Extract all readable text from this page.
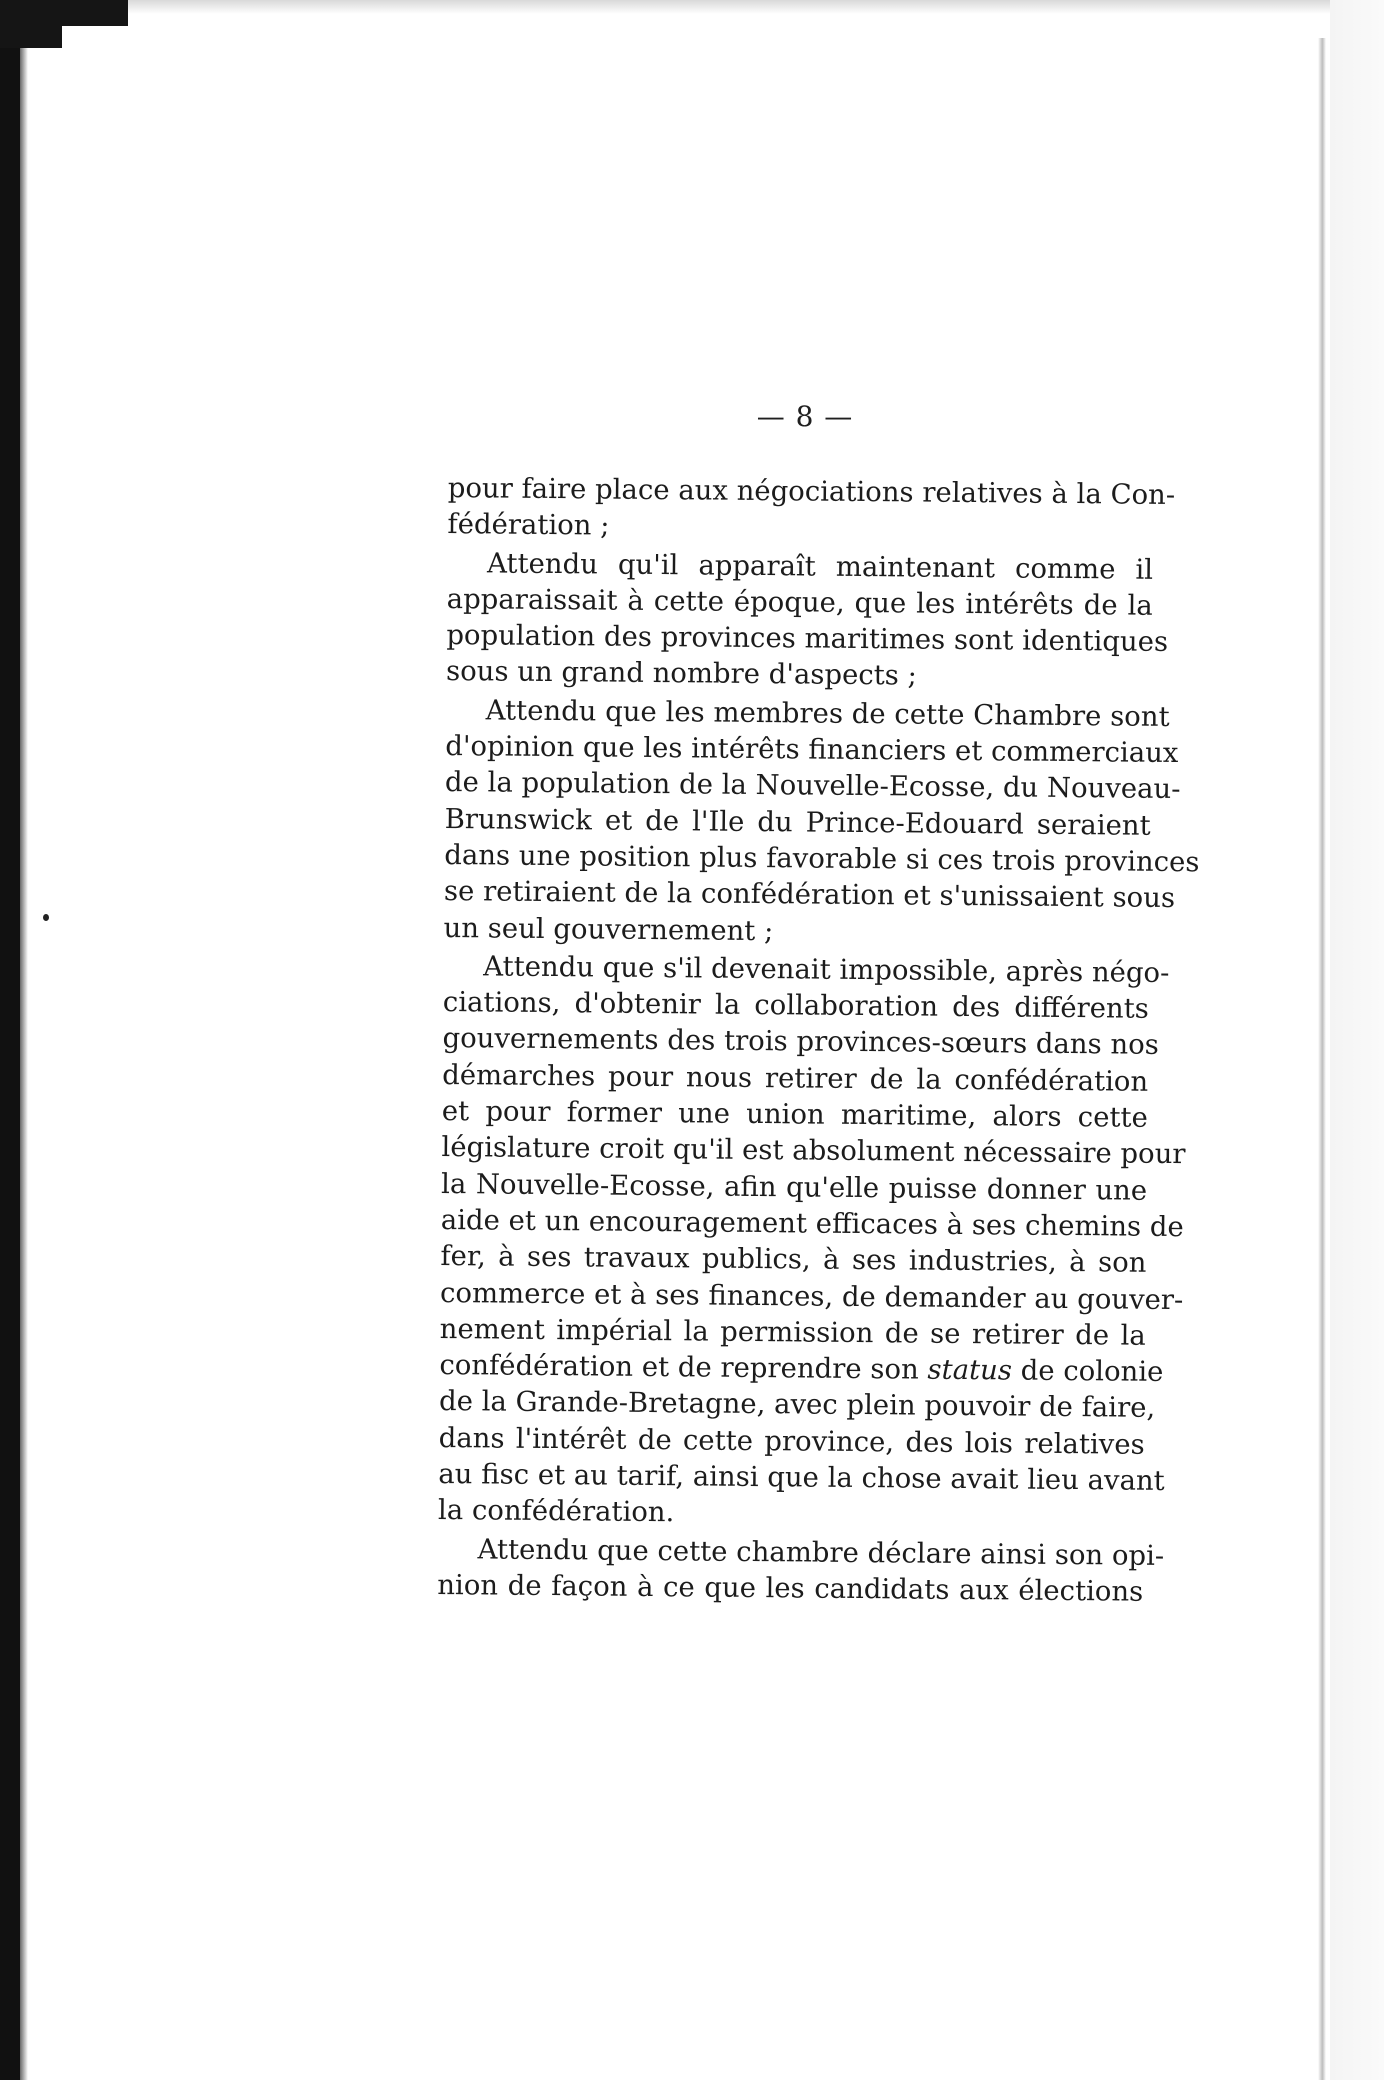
— 8 —
pour faire place aux négociations relatives à la Con-
fédération ;
Attendu qu'il apparaît maintenant comme il
apparaissait à cette époque, que les intérêts de la
population des provinces maritimes sont identiques
sous un grand nombre d'aspects ;
Attendu que les membres de cette Chambre sont
d'opinion que les intérêts financiers et commerciaux
de la population de la Nouvelle-Ecosse, du Nouveau-
Brunswick et de l'Ile du Prince-Edouard seraient
dans une position plus favorable si ces trois provinces
se retiraient de la confédération et s'unissaient sous
un seul gouvernement ;
Attendu que s'il devenait impossible, après négo-
ciations, d'obtenir la collaboration des différents
gouvernements des trois provinces-sœurs dans nos
démarches pour nous retirer de la confédération
et pour former une union maritime, alors cette
législature croit qu'il est absolument nécessaire pour
la Nouvelle-Ecosse, afin qu'elle puisse donner une
aide et un encouragement efficaces à ses chemins de
fer, à ses travaux publics, à ses industries, à son
commerce et à ses finances, de demander au gouver-
nement impérial la permission de se retirer de la
confédération et de reprendre son status de colonie
de la Grande-Bretagne, avec plein pouvoir de faire,
dans l'intérêt de cette province, des lois relatives
au fisc et au tarif, ainsi que la chose avait lieu avant
la confédération.
Attendu que cette chambre déclare ainsi son opi-
nion de façon à ce que les candidats aux élections
